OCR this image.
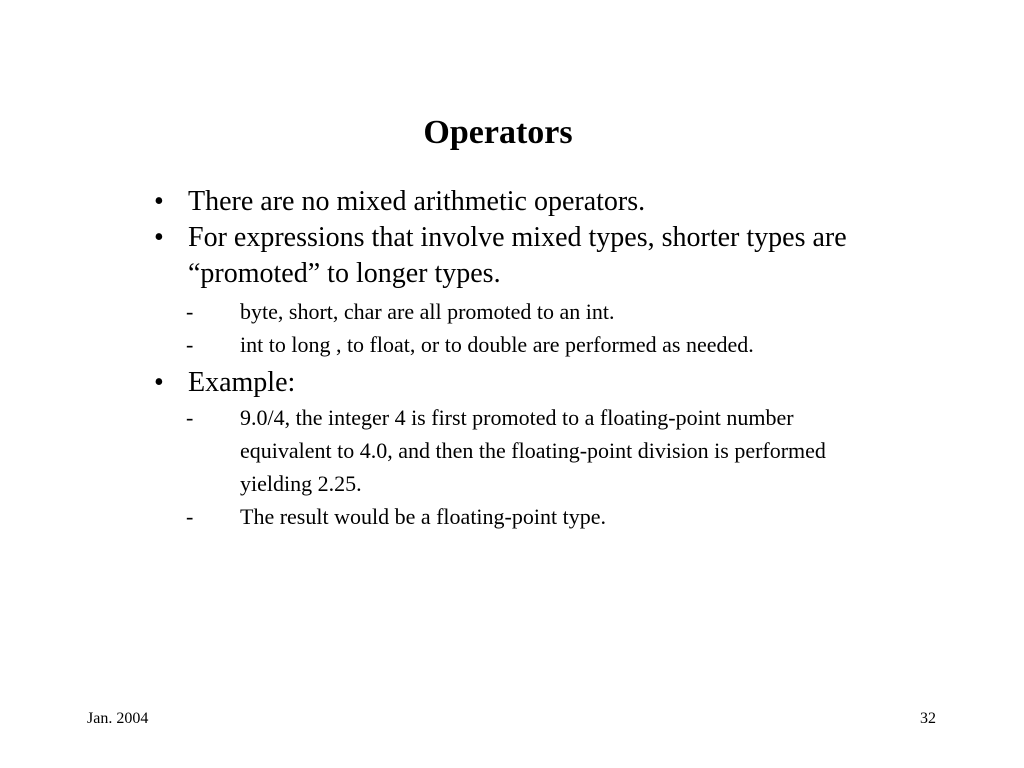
Operators
• There are no mixed arithmetic operators.
• For expressions that involve mixed types, shorter types are “promoted” to longer types.
- byte, short, char are all promoted to an int.
- int to long , to float, or to double are performed as needed.
• Example:
- 9.0/4, the integer 4 is first promoted to a floating-point number equivalent to 4.0, and then the floating-point division is performed yielding 2.25.
- The result would be a floating-point type.
Jan. 2004	32
